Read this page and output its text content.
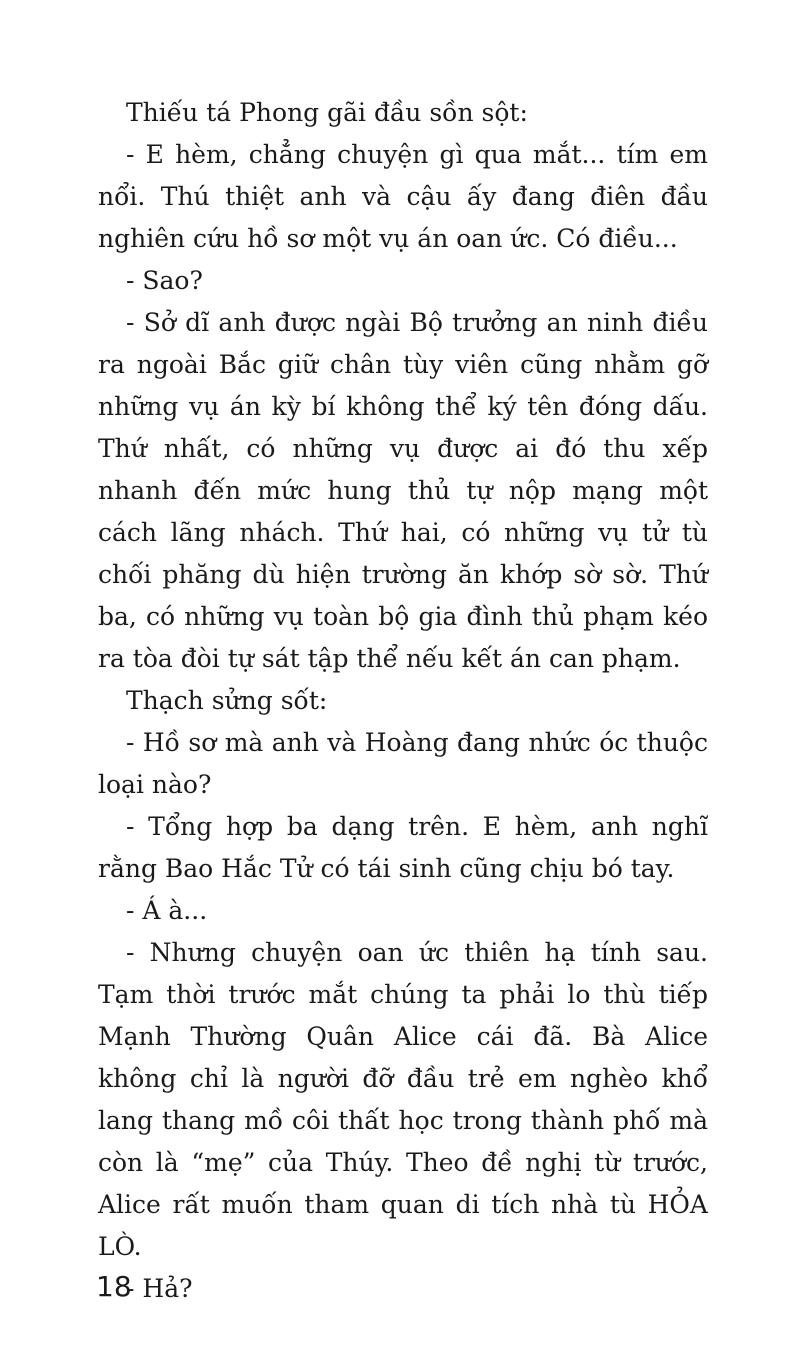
Thiếu tá Phong gãi đầu sồn sột:

- E hèm, chẳng chuyện gì qua mắt... tím em nổi. Thú thiệt anh và cậu ấy đang điên đầu nghiên cứu hồ sơ một vụ án oan ức. Có điều...

- Sao?

- Sở dĩ anh được ngài Bộ trưởng an ninh điều ra ngoài Bắc giữ chân tùy viên cũng nhằm gỡ những vụ án kỳ bí không thể ký tên đóng dấu. Thứ nhất, có những vụ được ai đó thu xếp nhanh đến mức hung thủ tự nộp mạng một cách lãng nhách. Thứ hai, có những vụ tử tù chối phăng dù hiện trường ăn khớp sờ sờ. Thứ ba, có những vụ toàn bộ gia đình thủ phạm kéo ra tòa đòi tự sát tập thể nếu kết án can phạm.

Thạch sửng sốt:

- Hồ sơ mà anh và Hoàng đang nhức óc thuộc loại nào?

- Tổng hợp ba dạng trên. E hèm, anh nghĩ rằng Bao Hắc Tử có tái sinh cũng chịu bó tay.

- Á à...

- Nhưng chuyện oan ức thiên hạ tính sau. Tạm thời trước mắt chúng ta phải lo thù tiếp Mạnh Thường Quân Alice cái đã. Bà Alice không chỉ là người đỡ đầu trẻ em nghèo khổ lang thang mồ côi thất học trong thành phố mà còn là “mẹ” của Thúy. Theo đề nghị từ trước, Alice rất muốn tham quan di tích nhà tù HỎA LÒ.

- Hả?

18
